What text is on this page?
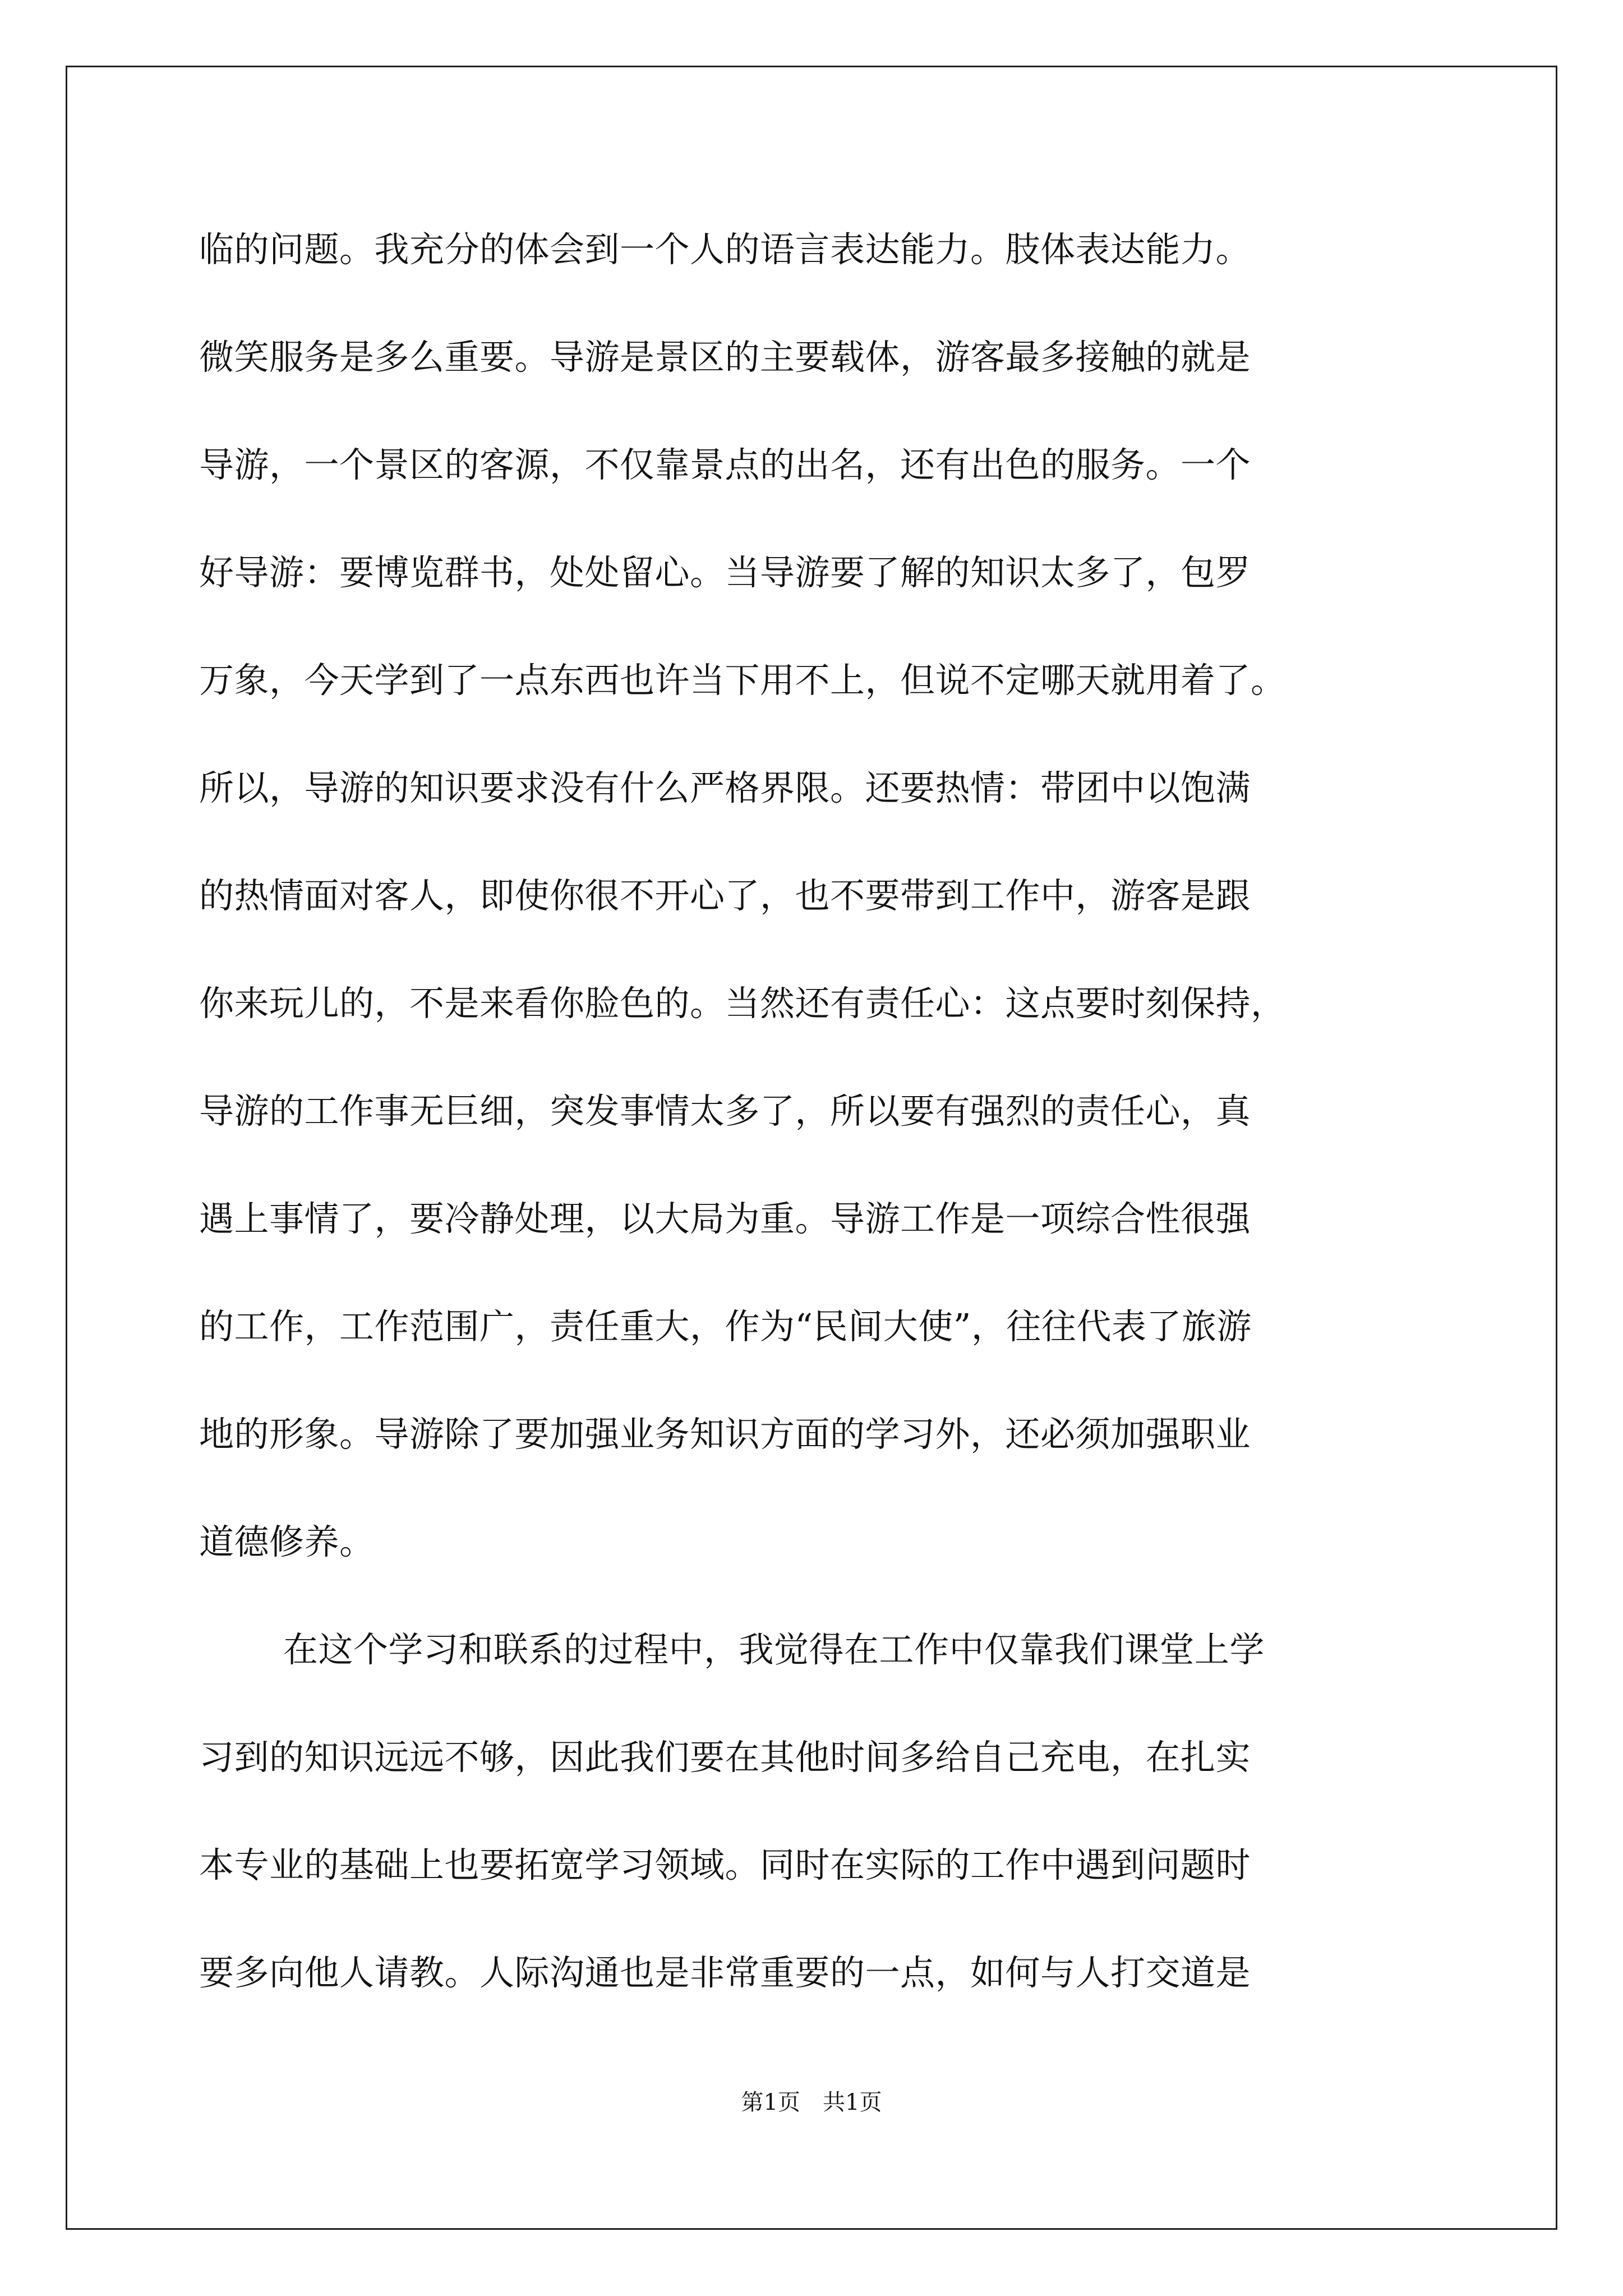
临的问题。我充分的体会到一个人的语言表达能力。肢体表达能力。
微笑服务是多么重要。导游是景区的主要载体，游客最多接触的就是
导游，一个景区的客源，不仅靠景点的出名，还有出色的服务。一个
好导游：要博览群书，处处留心。当导游要了解的知识太多了，包罗
万象，今天学到了一点东西也许当下用不上，但说不定哪天就用着了。
所以，导游的知识要求没有什么严格界限。还要热情：带团中以饱满
的热情面对客人，即使你很不开心了，也不要带到工作中，游客是跟
你来玩儿的，不是来看你脸色的。当然还有责任心：这点要时刻保持，
导游的工作事无巨细，突发事情太多了，所以要有强烈的责任心，真
遇上事情了，要冷静处理，以大局为重。导游工作是一项综合性很强
的工作，工作范围广，责任重大，作为“民间大使”，往往代表了旅游
地的形象。导游除了要加强业务知识方面的学习外，还必须加强职业
道德修养。
在这个学习和联系的过程中，我觉得在工作中仅靠我们课堂上学
习到的知识远远不够，因此我们要在其他时间多给自己充电，在扎实
本专业的基础上也要拓宽学习领域。同时在实际的工作中遇到问题时
要多向他人请教。人际沟通也是非常重要的一点，如何与人打交道是
第1页 共1页
